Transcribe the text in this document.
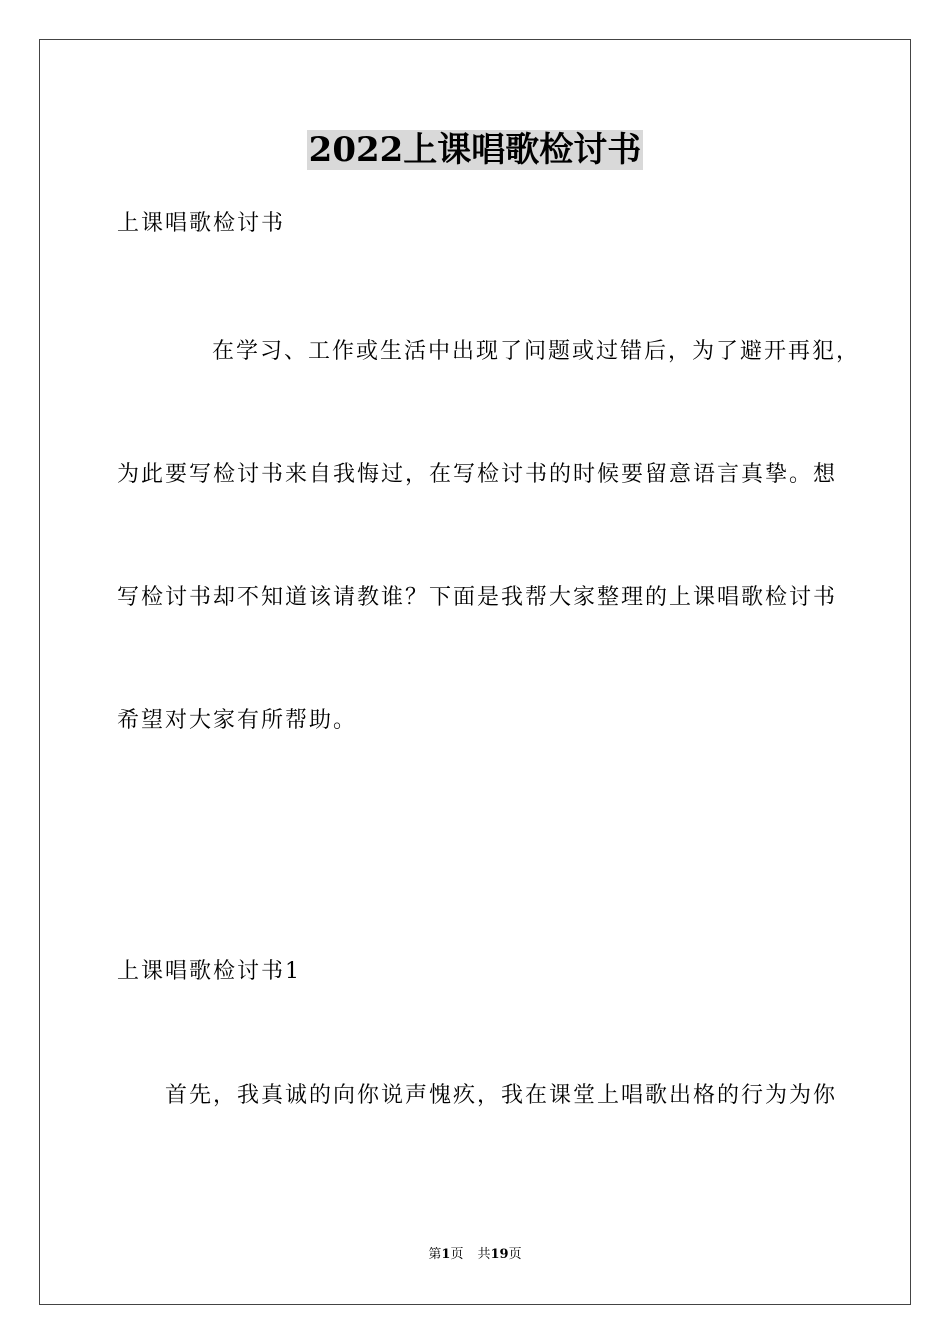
2022上课唱歌检讨书

上课唱歌检讨书

在学习、工作或生活中出现了问题或过错后，为了避开再犯，

为此要写检讨书来自我悔过，在写检讨书的时候要留意语言真挚。想

写检讨书却不知道该请教谁？下面是我帮大家整理的上课唱歌检讨书

希望对大家有所帮助。

上课唱歌检讨书1

首先，我真诚的向你说声愧疚，我在课堂上唱歌出格的行为为你

第1页 共19页
